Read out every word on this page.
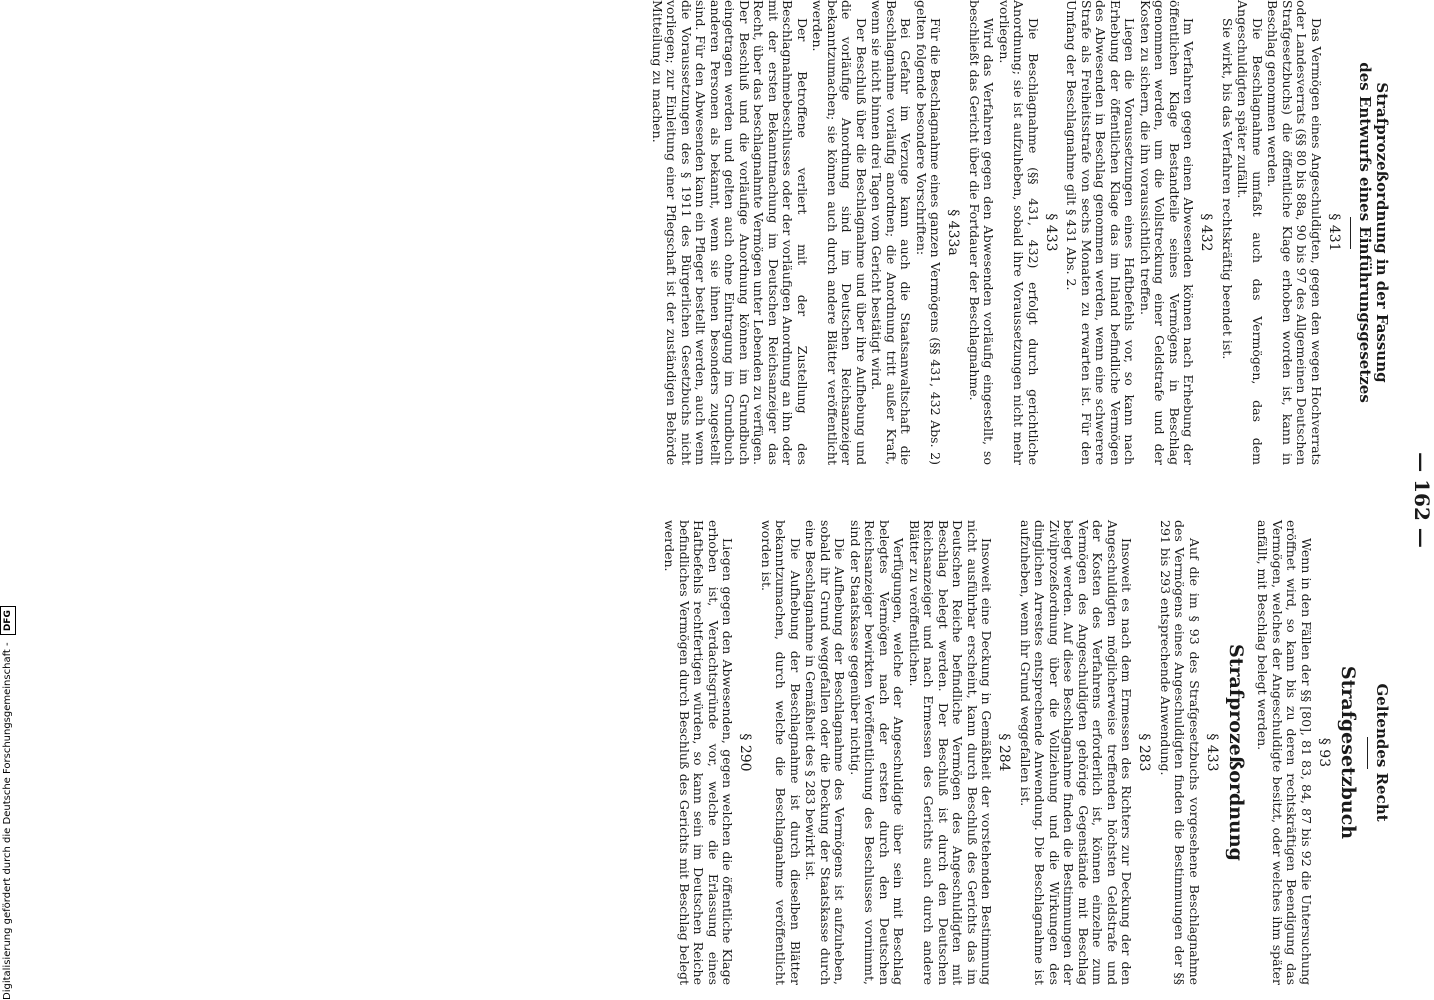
— 162 —
Strafprozeßordnung in der Fassung
des Entwurfs eines Einführungsgesetzes
§ 431

Das Vermögen eines Angeschuldigten, gegen den wegen Hochverrats oder Landesverrats (§§ 80 bis 88a, 90 bis 97 des Allgemeinen Deutschen Strafgesetzbuchs) die öffentliche Klage erhoben worden ist, kann in Beschlag genommen werden.

Die Beschlagnahme umfaßt auch das Vermögen, das dem Angeschuldigten später zufällt.

Sie wirkt, bis das Verfahren rechtskräftig beendet ist.

§ 432

Im Verfahren gegen einen Abwesenden können nach Erhebung der öffentlichen Klage Bestandteile seines Vermögens in Beschlag genommen werden, um die Vollstreckung einer Geldstrafe und der Kosten zu sichern, die ihn voraussichtlich treffen.

Liegen die Voraussetzungen eines Haftbefehls vor, so kann nach Erhebung der öffentlichen Klage das im Inland befindliche Vermögen des Abwesenden in Beschlag genommen werden, wenn eine schwerere Strafe als Freiheitsstrafe von sechs Monaten zu erwarten ist. Für den Umfang der Beschlagnahme gilt § 431 Abs. 2.

§ 433

Die Beschlagnahme (§§ 431, 432) erfolgt durch gerichtliche Anordnung; sie ist aufzuheben, sobald ihre Voraussetzungen nicht mehr vorliegen.

Wird das Verfahren gegen den Abwesenden vorläufig eingestellt, so beschließt das Gericht über die Fortdauer der Beschlagnahme.

§ 433a

Für die Beschlagnahme eines ganzen Vermögens (§§ 431, 432 Abs. 2) gelten folgende besondere Vorschriften:

Bei Gefahr im Verzuge kann auch die Staatsanwaltschaft die Beschlagnahme vorläufig anordnen; die Anordnung tritt außer Kraft, wenn sie nicht binnen drei Tagen vom Gericht bestätigt wird.

Der Beschluß über die Beschlagnahme und über ihre Aufhebung und die vorläufige Anordnung sind im Deutschen Reichsanzeiger bekanntzumachen; sie können auch durch andere Blätter veröffentlicht werden.

Der Betroffene verliert mit der Zustellung des Beschlagnahmebeschlusses oder der vorläufigen Anordnung an ihn oder mit der ersten Bekanntmachung im Deutschen Reichsanzeiger das Recht, über das beschlagnahmte Vermögen unter Lebenden zu verfügen. Der Beschluß und die vorläufige Anordnung können im Grundbuch eingetragen werden und gelten auch ohne Eintragung im Grundbuch anderen Personen als bekannt, wenn sie ihnen besonders zugestellt sind. Für den Abwesenden kann ein Pfleger bestellt werden, auch wenn die Voraussetzungen des § 1911 des Bürgerlichen Gesetzbuchs nicht vorliegen; zur Einleitung einer Pflegschaft ist der zuständigen Behörde Mitteilung zu machen.

Geltendes Recht
Strafgesetzbuch
§ 93

Wenn in den Fällen der §§ [80], 81 83, 84, 87 bis 92 die Untersuchung eröffnet wird, so kann bis zu deren rechtskräftigen Beendigung das Vermögen, welches der Angeschuldigte besitzt, oder welches ihm später anfällt, mit Beschlag belegt werden.

Strafprozeßordnung
§ 433

Auf die im § 93 des Strafgesetzbuchs vorgesehene Beschlagnahme des Vermögens eines Angeschuldigten finden die Bestimmungen der §§ 291 bis 293 entsprechende Anwendung.

§ 283

Insoweit es nach dem Ermessen des Richters zur Deckung der den Angeschuldigten möglicherweise treffenden höchsten Geldstrafe und der Kosten des Verfahrens erforderlich ist, können einzelne zum Vermögen des Angeschuldigten gehörige Gegenstände mit Beschlag belegt werden. Auf diese Beschlagnahme finden die Bestimmungen der Zivilprozeßordnung über die Vollziehung und die Wirkungen des dinglichen Arrestes entsprechende Anwendung. Die Beschlagnahme ist aufzuheben, wenn ihr Grund weggefallen ist.

§ 284

Insoweit eine Deckung in Gemäßheit der vorstehenden Bestimmung nicht ausführbar erscheint, kann durch Beschluß des Gerichts das im Deutschen Reiche befindliche Vermögen des Angeschuldigten mit Beschlag belegt werden. Der Beschluß ist durch den Deutschen Reichsanzeiger und nach Ermessen des Gerichts auch durch andere Blätter zu veröffentlichen.

Verfügungen, welche der Angeschuldigte über sein mit Beschlag belegtes Vermögen nach der ersten durch den Deutschen Reichsanzeiger bewirkten Veröffentlichung des Beschlusses vornimmt, sind der Staatskasse gegenüber nichtig.

Die Aufhebung der Beschlagnahme des Vermögens ist aufzuheben, sobald ihr Grund weggefallen oder die Deckung der Staatskasse durch eine Beschlagnahme in Gemäßheit des § 283 bewirkt ist.

Die Aufhebung der Beschlagnahme ist durch dieselben Blätter bekanntzumachen, durch welche die Beschlagnahme veröffentlicht worden ist.

§ 290

Liegen gegen den Abwesenden, gegen welchen die öffentliche Klage erhoben ist, Verdachtsgründe vor, welche die Erlassung eines Haftbefehls rechtfertigen würden, so kann sein im Deutschen Reiche befindliches Vermögen durch Beschluß des Gerichts mit Beschlag belegt werden.

Digitalisierung gefördert durch die Deutsche Forschungsgemeinschaft - DFG
